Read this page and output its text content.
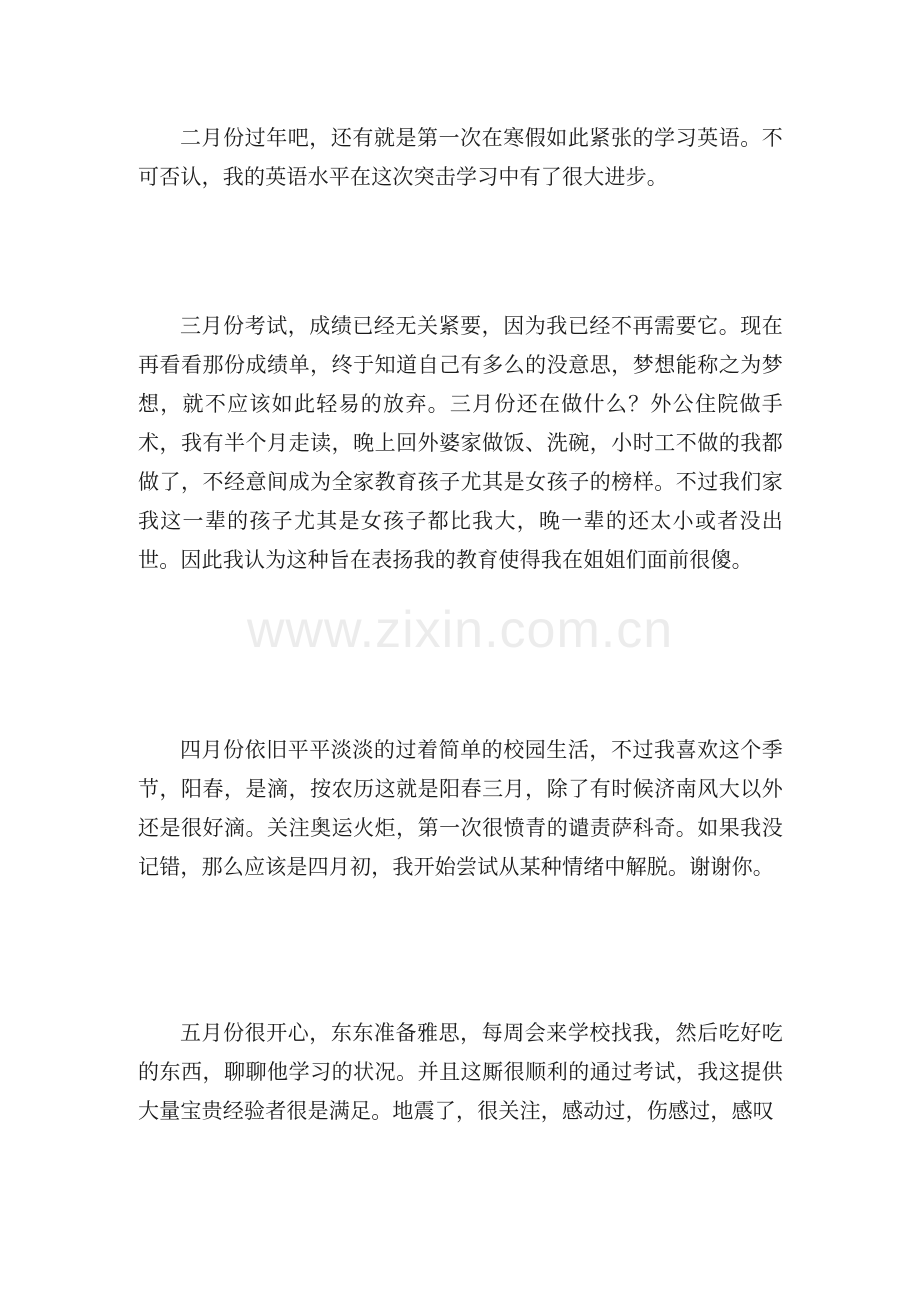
二月份过年吧，还有就是第一次在寒假如此紧张的学习英语。不可否认，我的英语水平在这次突击学习中有了很大进步。

三月份考试，成绩已经无关紧要，因为我已经不再需要它。现在再看看那份成绩单，终于知道自己有多么的没意思，梦想能称之为梦想，就不应该如此轻易的放弃。三月份还在做什么？外公住院做手术，我有半个月走读，晚上回外婆家做饭、洗碗，小时工不做的我都做了，不经意间成为全家教育孩子尤其是女孩子的榜样。不过我们家我这一辈的孩子尤其是女孩子都比我大，晚一辈的还太小或者没出世。因此我认为这种旨在表扬我的教育使得我在姐姐们面前很傻。

四月份依旧平平淡淡的过着简单的校园生活，不过我喜欢这个季节，阳春，是滴，按农历这就是阳春三月，除了有时候济南风大以外还是很好滴。关注奥运火炬，第一次很愤青的谴责萨科奇。如果我没记错，那么应该是四月初，我开始尝试从某种情绪中解脱。谢谢你。

五月份很开心，东东准备雅思，每周会来学校找我，然后吃好吃的东西，聊聊他学习的状况。并且这厮很顺利的通过考试，我这提供大量宝贵经验者很是满足。地震了，很关注，感动过，伤感过，感叹

www.zixin.com.cn
